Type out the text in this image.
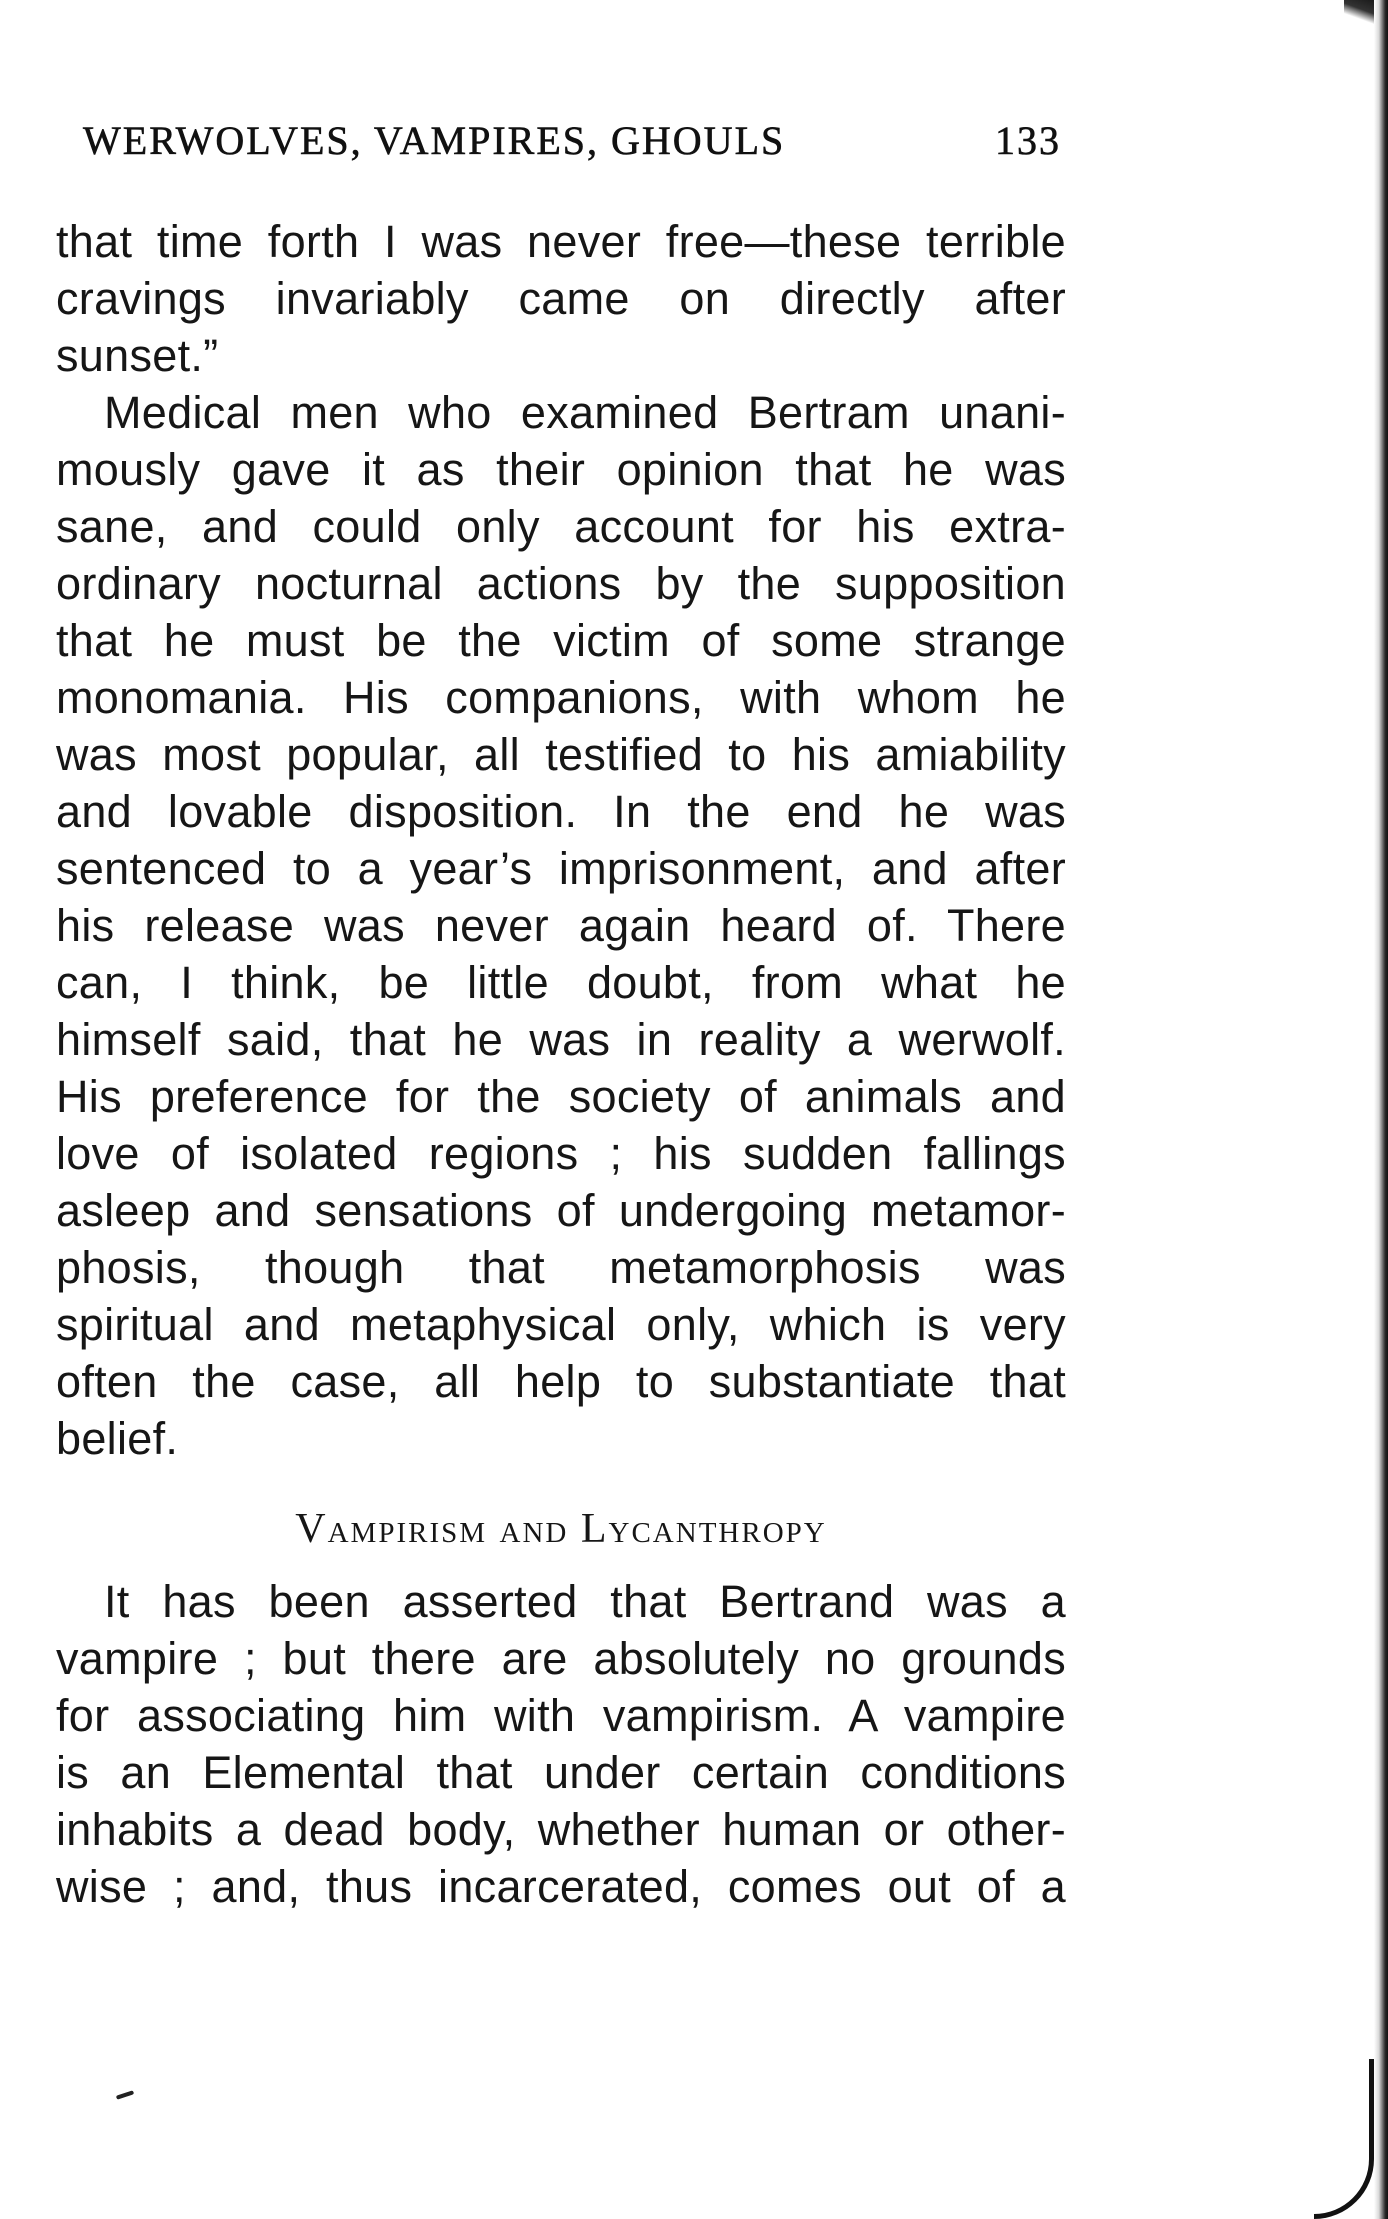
WERWOLVES, VAMPIRES, GHOULS	133
that time forth I was never free—these terrible
cravings invariably came on directly after
sunset.”
Medical men who examined Bertram unani-
mously gave it as their opinion that he was
sane, and could only account for his extra-
ordinary nocturnal actions by the supposition
that he must be the victim of some strange
monomania. His companions, with whom he
was most popular, all testified to his amiability
and lovable disposition. In the end he was
sentenced to a year’s imprisonment, and after
his release was never again heard of. There
can, I think, be little doubt, from what he
himself said, that he was in reality a werwolf.
His preference for the society of animals and
love of isolated regions ; his sudden fallings
asleep and sensations of undergoing metamor-
phosis, though that metamorphosis was
spiritual and metaphysical only, which is very
often the case, all help to substantiate that
belief.
Vampirism and Lycanthropy
It has been asserted that Bertrand was a
vampire ; but there are absolutely no grounds
for associating him with vampirism. A vampire
is an Elemental that under certain conditions
inhabits a dead body, whether human or other-
wise ; and, thus incarcerated, comes out of a
